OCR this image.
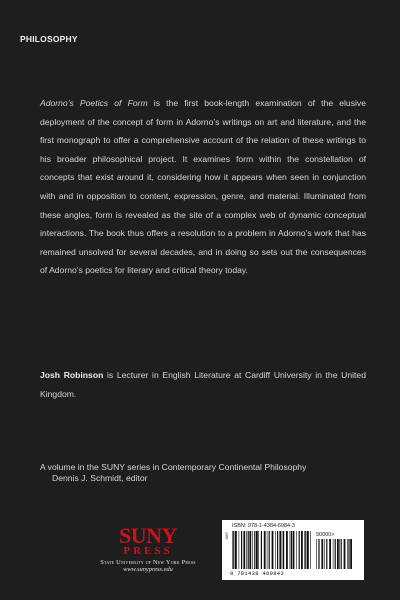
PHILOSOPHY

Adorno’s Poetics of Form is the first book-length examination of the elusive deployment of the concept of form in Adorno’s writings on art and literature, and the first monograph to offer a comprehensive account of the relation of these writings to his broader philosophical project. It examines form within the constellation of concepts that exist around it, considering how it appears when seen in conjunction with and in opposition to content, expression, genre, and material. Illuminated from these angles, form is revealed as the site of a complex web of dynamic conceptual interactions. The book thus offers a resolution to a problem in Adorno’s work that has remained unsolved for several decades, and in doing so sets out the consequences of Adorno’s poetics for literary and critical theory today.

Josh Robinson is Lecturer in English Literature at Cardiff University in the United Kingdom.

A volume in the SUNY series in Contemporary Continental Philosophy
Dennis J. Schmidt, editor
SUNY
PRESS
State University of New York Press
www.sunypress.edu
NBR
ISBN: 978-1-4384-6984-3
90000>
9 781438 469843
